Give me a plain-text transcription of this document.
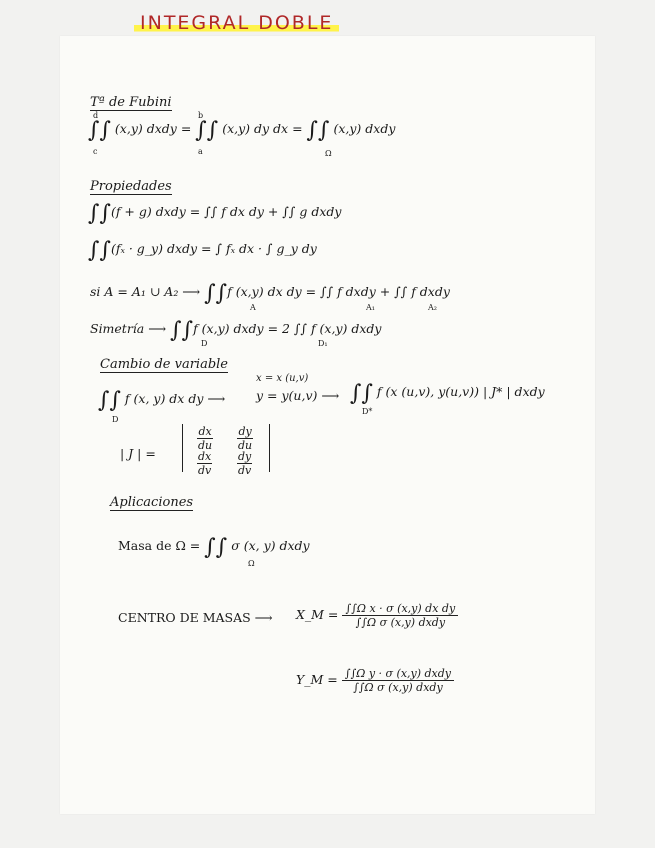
INTEGRAL DOBLE
Tª de Fubini
∫∫ (x,y) dxdy = ∫∫ (x,y) dy dx = ∫∫ (x,y) dxdy
d
c
b
a	Ω
Propiedades
∫∫(f + g) dxdy = ∫∫ f dx dy + ∫∫ g dxdy
∫∫(fₓ · g_y) dxdy = ∫ fₓ dx · ∫ g_y dy
si A = A₁ ∪ A₂ ⟶ ∫∫f (x,y) dx dy = ∫∫ f dxdy + ∫∫ f dxdy
A	A₁	A₂
Simetría ⟶ ∫∫f (x,y) dxdy = 2 ∫∫ f (x,y) dxdy
D	D₁
Cambio de variable
∫∫ f (x, y) dx dy ⟶
x = x (u,v)
y = y(u,v) ⟶ ∫∫ f (x (u,v), y(u,v)) | J* | dxdy
D
D*
| J | =
$\frac{dx}{du} \frac{dy}{du}$
$\frac{dx}{dv} \frac{dy}{dv}$
Aplicaciones
Masa de Ω = ∫∫ σ (x, y) dxdy
Ω
CENTRO DE MASAS ⟶ X_M = $\frac{\text{∫∫Ω x · σ (x,y) dx dy}}{\text{∫∫Ω σ (x,y) dxdy}}$
Y_M = $\frac{\text{∫∫Ω y · σ (x,y) dxdy}}{\text{∫∫Ω σ (x,y) dxdy}}$
